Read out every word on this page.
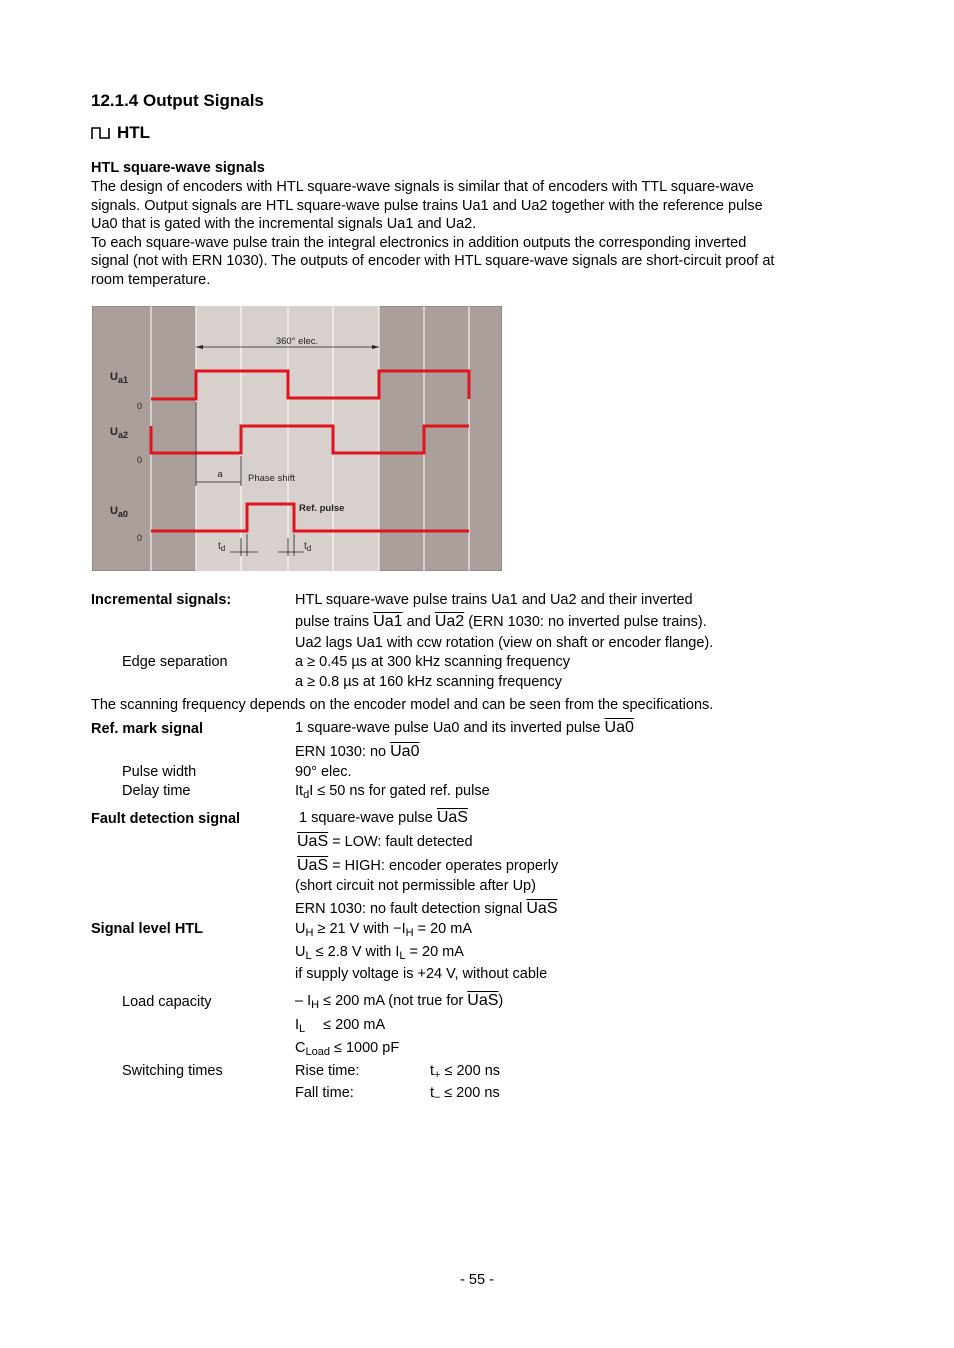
12.1.4 Output Signals
HTL
HTL square-wave signals
The design of encoders with HTL square-wave signals is similar that of encoders with TTL square-wave
signals. Output signals are HTL square-wave pulse trains Ua1 and Ua2 together with the reference pulse
Ua0 that is gated with the incremental signals Ua1 and Ua2.
To each square-wave pulse train the integral electronics in addition outputs the corresponding inverted
signal (not with ERN 1030). The outputs of encoder with HTL square-wave signals are short-circuit proof at
room temperature.
360° elec.
$U_{a1}$
0
$U_{a2}$
0
a	Phase shift
$U_{a0}$
0
Ref. pulse
$t_d$	$t_d$
Incremental signals:	HTL square-wave pulse trains Ua1 and Ua2 and their inverted
pulse trains Ua1 and Ua2 (ERN 1030: no inverted pulse trains).
Ua2 lags Ua1 with ccw rotation (view on shaft or encoder flange).
Edge separation	a ≥ 0.45 µs at 300 kHz scanning frequency
a ≥ 0.8 µs at 160 kHz scanning frequency
The scanning frequency depends on the encoder model and can be seen from the specifications.
Ref. mark signal	1 square-wave pulse Ua0 and its inverted pulse Ua0
ERN 1030: no Ua0
Pulse width	90° elec.
Delay time	$It_dI \le 50$ ns for gated ref. pulse
Fault detection signal	1 square-wave pulse $\overline{UaS}$
$\overline{UaS}$ = LOW: fault detected
$\overline{UaS}$ = HIGH: encoder operates properly
(short circuit not permissible after Up)
ERN 1030: no fault detection signal $\overline{UaS}$
Signal level HTL	$U_H \ge 21$ V with $-I_H = 20$ mA
$U_L \le 2.8$ V with $I_L = 20$ mA
if supply voltage is +24 V, without cable
Load capacity	– $I_H \le 200$ mA (not true for $\overline{UaS}$)
$I_L \le 200$ mA
$C_{Load} \le 1000$ pF
Switching times	Rise time:	$t_+ \le 200$ ns
Fall time:	$t_- \le 200$ ns
- 55 -
